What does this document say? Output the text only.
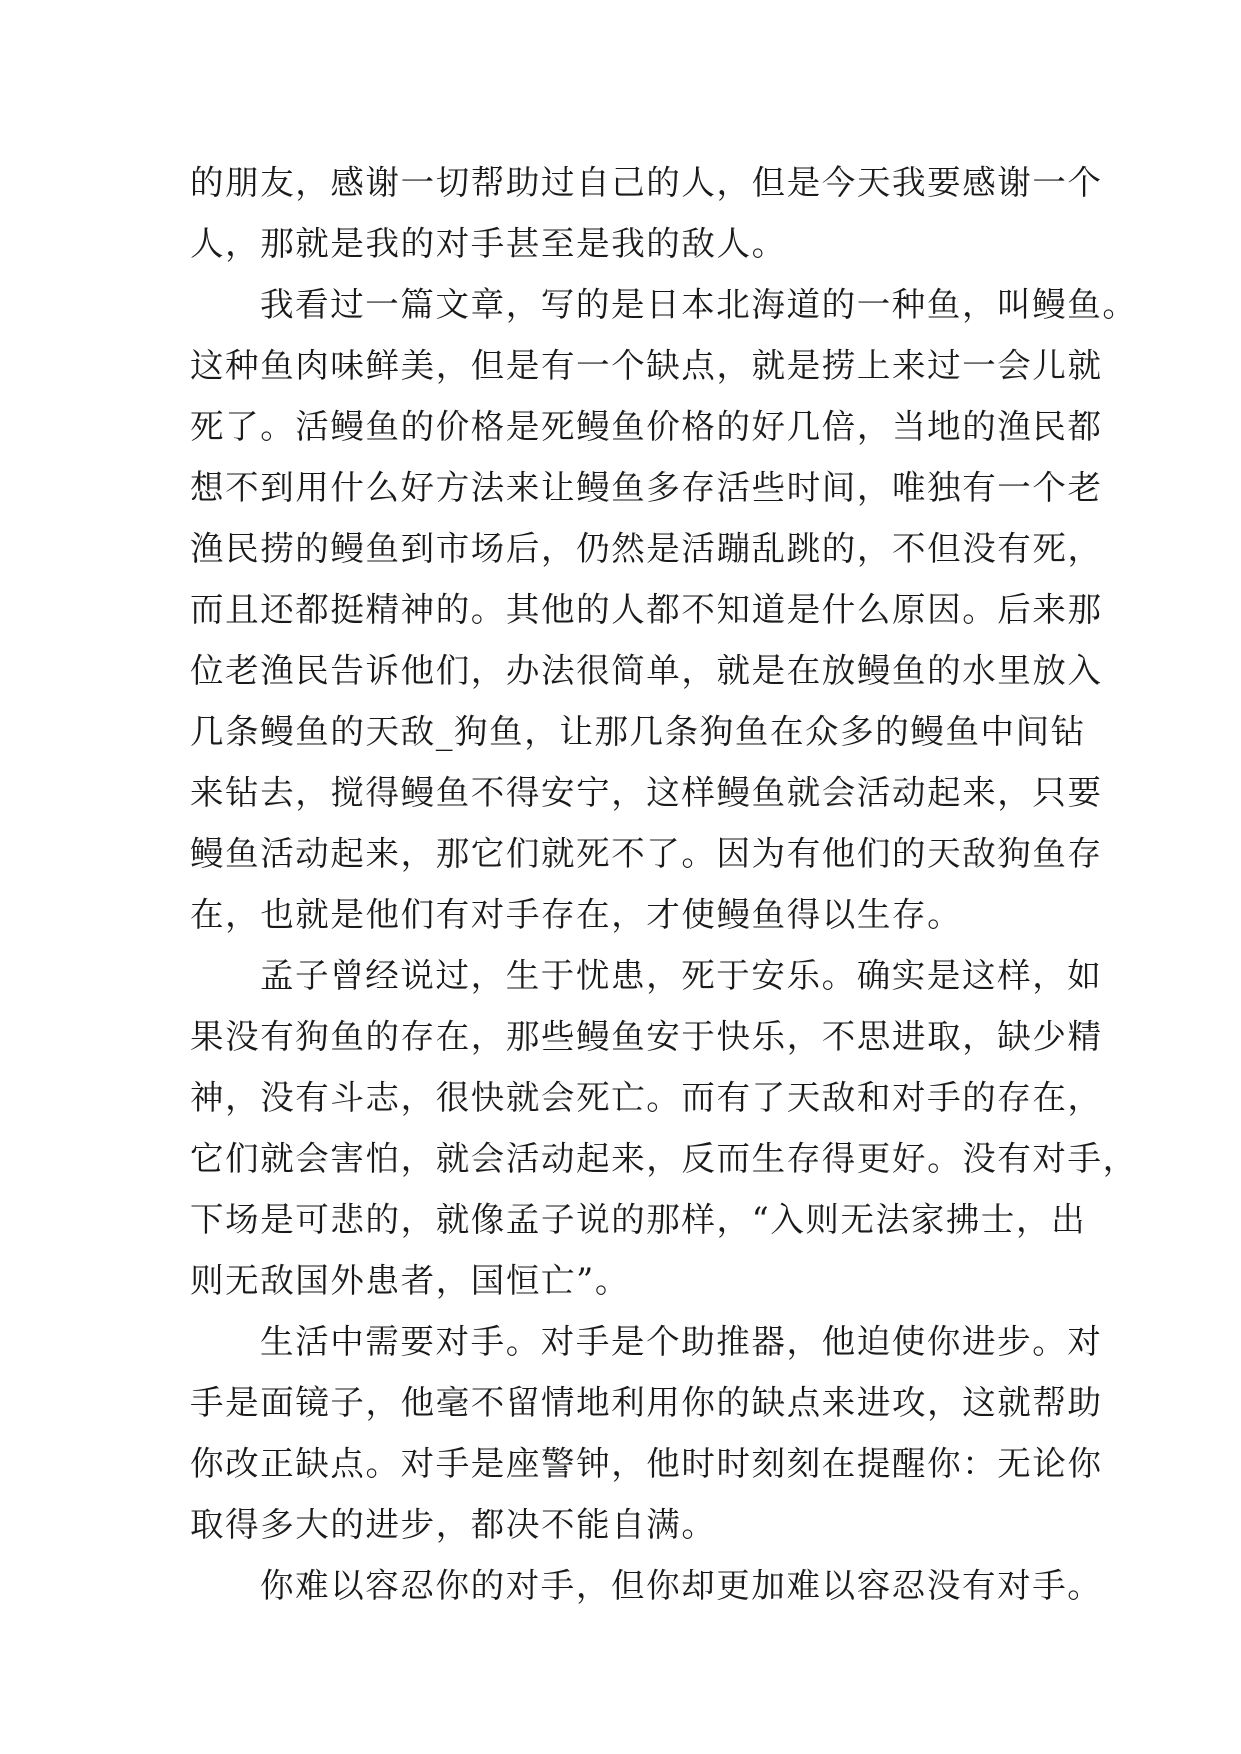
的朋友，感谢一切帮助过自己的人，但是今天我要感谢一个
人，那就是我的对手甚至是我的敌人。
我看过一篇文章，写的是日本北海道的一种鱼，叫鳗鱼。
这种鱼肉味鲜美，但是有一个缺点，就是捞上来过一会儿就
死了。活鳗鱼的价格是死鳗鱼价格的好几倍，当地的渔民都
想不到用什么好方法来让鳗鱼多存活些时间，唯独有一个老
渔民捞的鳗鱼到市场后，仍然是活蹦乱跳的，不但没有死，
而且还都挺精神的。其他的人都不知道是什么原因。后来那
位老渔民告诉他们，办法很简单，就是在放鳗鱼的水里放入
几条鳗鱼的天敌_狗鱼，让那几条狗鱼在众多的鳗鱼中间钻
来钻去，搅得鳗鱼不得安宁，这样鳗鱼就会活动起来，只要
鳗鱼活动起来，那它们就死不了。因为有他们的天敌狗鱼存
在，也就是他们有对手存在，才使鳗鱼得以生存。
孟子曾经说过，生于忧患，死于安乐。确实是这样，如
果没有狗鱼的存在，那些鳗鱼安于快乐，不思进取，缺少精
神，没有斗志，很快就会死亡。而有了天敌和对手的存在，
它们就会害怕，就会活动起来，反而生存得更好。没有对手，
下场是可悲的，就像孟子说的那样，“入则无法家拂士，出
则无敌国外患者，国恒亡”。
生活中需要对手。对手是个助推器，他迫使你进步。对
手是面镜子，他毫不留情地利用你的缺点来进攻，这就帮助
你改正缺点。对手是座警钟，他时时刻刻在提醒你：无论你
取得多大的进步，都决不能自满。
你难以容忍你的对手，但你却更加难以容忍没有对手。
